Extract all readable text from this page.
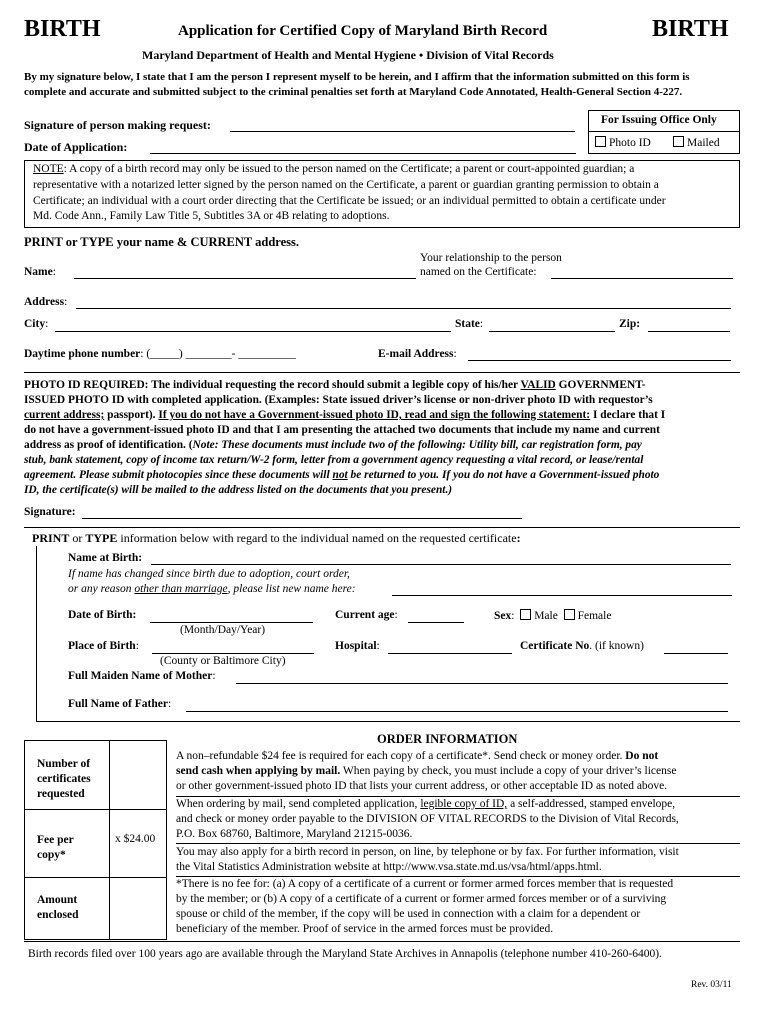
BIRTH	BIRTH
Application for Certified Copy of Maryland Birth Record
Maryland Department of Health and Mental Hygiene • Division of Vital Records
By my signature below, I state that I am the person I represent myself to be herein, and I affirm that the information submitted on this form is
complete and accurate and submitted subject to the criminal penalties set forth at Maryland Code Annotated, Health-General Section 4-227.
Signature of person making request:
Date of Application:
For Issuing Office Only
Photo ID	Mailed
NOTE: A copy of a birth record may only be issued to the person named on the Certificate; a parent or court-appointed guardian; a
representative with a notarized letter signed by the person named on the Certificate, a parent or guardian granting permission to obtain a
Certificate; an individual with a court order directing that the Certificate be issued; or an individual permitted to obtain a certificate under
Md. Code Ann., Family Law Title 5, Subtitles 3A or 4B relating to adoptions.
PRINT or TYPE your name & CURRENT address.
Your relationship to the person
named on the Certificate:
Name:
Address:
City:	State:	Zip:
Daytime phone number: (_____) ________- __________	E-mail Address:
PHOTO ID REQUIRED: The individual requesting the record should submit a legible copy of his/her VALID GOVERNMENT-
ISSUED PHOTO ID with completed application. (Examples: State issued driver’s license or non-driver photo ID with requestor’s
current address; passport). If you do not have a Government-issued photo ID, read and sign the following statement: I declare that I
do not have a government-issued photo ID and that I am presenting the attached two documents that include my name and current
address as proof of identification. (Note: These documents must include two of the following: Utility bill, car registration form, pay
stub, bank statement, copy of income tax return/W-2 form, letter from a government agency requesting a vital record, or lease/rental
agreement. Please submit photocopies since these documents will not be returned to you. If you do not have a Government-issued photo
ID, the certificate(s) will be mailed to the address listed on the documents that you present.)
Signature:
PRINT or TYPE information below with regard to the individual named on the requested certificate:
Name at Birth:
If name has changed since birth due to adoption, court order,
or any reason other than marriage, please list new name here:
Date of Birth:
(Month/Day/Year)
Current age:	Sex: Male Female
Place of Birth:
(County or Baltimore City)
Hospital:	Certificate No. (if known)
Full Maiden Name of Mother:
Full Name of Father:
ORDER INFORMATION
Number of certificates requested
Fee per copy*
x $24.00
Amount enclosed
A non–refundable $24 fee is required for each copy of a certificate*. Send check or money order. Do not
send cash when applying by mail. When paying by check, you must include a copy of your driver’s license
or other government-issued photo ID that lists your current address, or other acceptable ID as noted above.
When ordering by mail, send completed application, legible copy of ID, a self-addressed, stamped envelope,
and check or money order payable to the DIVISION OF VITAL RECORDS to the Division of Vital Records,
P.O. Box 68760, Baltimore, Maryland 21215-0036.
You may also apply for a birth record in person, on line, by telephone or by fax. For further information, visit
the Vital Statistics Administration website at http://www.vsa.state.md.us/vsa/html/apps.html.
*There is no fee for: (a) A copy of a certificate of a current or former armed forces member that is requested
by the member; or (b) A copy of a certificate of a current or former armed forces member or of a surviving
spouse or child of the member, if the copy will be used in connection with a claim for a dependent or
beneficiary of the member. Proof of service in the armed forces must be provided.
Birth records filed over 100 years ago are available through the Maryland State Archives in Annapolis (telephone number 410-260-6400).
Rev. 03/11
